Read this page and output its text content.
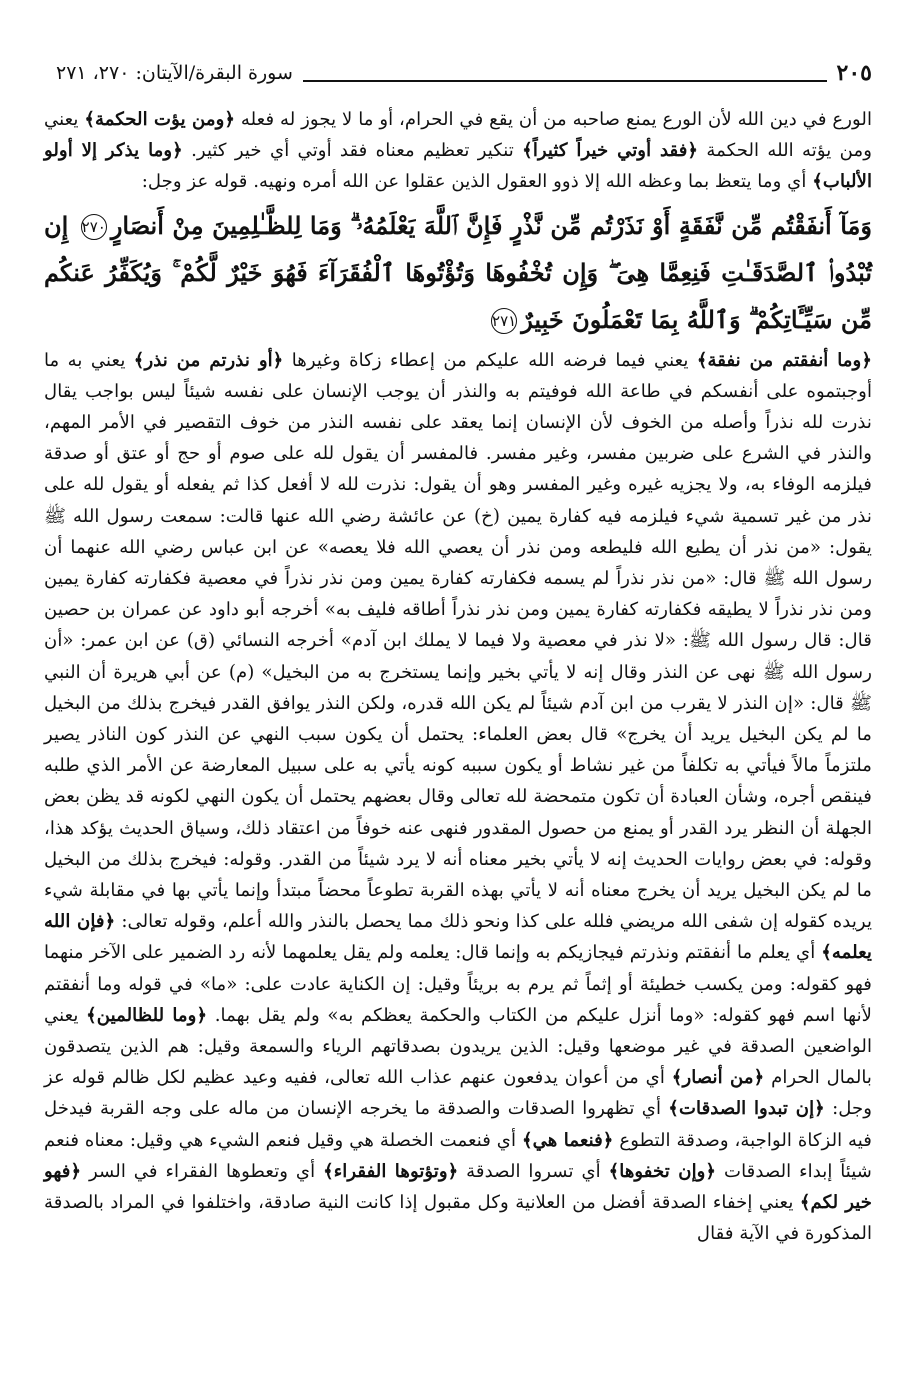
سورة البقرة/الآيتان: ٢٧٠، ٢٧١	٢٠٥

الورع في دين الله لأن الورع يمنع صاحبه من أن يقع في الحرام، أو ما لا يجوز له فعله ﴿ومن يؤت الحكمة﴾ يعني ومن يؤته الله الحكمة ﴿فقد أوتي خيراً كثيراً﴾ تنكير تعظيم معناه فقد أوتي أي خير كثير. ﴿وما يذكر إلا أولو الألباب﴾ أي وما يتعظ بما وعظه الله إلا ذوو العقول الذين عقلوا عن الله أمره ونهيه. قوله عز وجل:

وَمَآ أَنفَقْتُم مِّن نَّفَقَةٍ أَوْ نَذَرْتُم مِّن نَّذْرٍ فَإِنَّ ٱللَّهَ يَعْلَمُهُۥ ۗ وَمَا لِلظَّـٰلِمِينَ مِنْ أَنصَارٍ٢٧٠ إِن تُبْدُوا۟ ٱلصَّدَقَـٰتِ فَنِعِمَّا هِىَ ۖ وَإِن تُخْفُوهَا وَتُؤْتُوهَا ٱلْفُقَرَآءَ فَهُوَ خَيْرٌ لَّكُمْ ۚ وَيُكَفِّرُ عَنكُم مِّن سَيِّـَٔاتِكُمْ ۗ وَٱللَّهُ بِمَا تَعْمَلُونَ خَبِيرٌ٢٧١

﴿وما أنفقتم من نفقة﴾ يعني فيما فرضه الله عليكم من إعطاء زكاة وغيرها ﴿أو نذرتم من نذر﴾ يعني به ما أوجبتموه على أنفسكم في طاعة الله فوفيتم به والنذر أن يوجب الإنسان على نفسه شيئاً ليس بواجب يقال نذرت لله نذراً وأصله من الخوف لأن الإنسان إنما يعقد على نفسه النذر من خوف التقصير في الأمر المهم، والنذر في الشرع على ضربين مفسر، وغير مفسر. فالمفسر أن يقول لله على صوم أو حج أو عتق أو صدقة فيلزمه الوفاء به، ولا يجزيه غيره وغير المفسر وهو أن يقول: نذرت لله لا أفعل كذا ثم يفعله أو يقول لله على نذر من غير تسمية شيء فيلزمه فيه كفارة يمين (خ) عن عائشة رضي الله عنها قالت: سمعت رسول الله ﷺ يقول: «من نذر أن يطيع الله فليطعه ومن نذر أن يعصي الله فلا يعصه» عن ابن عباس رضي الله عنهما أن رسول الله ﷺ قال: «من نذر نذراً لم يسمه فكفارته كفارة يمين ومن نذر نذراً في معصية فكفارته كفارة يمين ومن نذر نذراً لا يطيقه فكفارته كفارة يمين ومن نذر نذراً أطاقه فليف به» أخرجه أبو داود عن عمران بن حصين قال: قال رسول الله ﷺ: «لا نذر في معصية ولا فيما لا يملك ابن آدم» أخرجه النسائي (ق) عن ابن عمر: «أن رسول الله ﷺ نهى عن النذر وقال إنه لا يأتي بخير وإنما يستخرج به من البخيل» (م) عن أبي هريرة أن النبي ﷺ قال: «إن النذر لا يقرب من ابن آدم شيئاً لم يكن الله قدره، ولكن النذر يوافق القدر فيخرج بذلك من البخيل ما لم يكن البخيل يريد أن يخرج» قال بعض العلماء: يحتمل أن يكون سبب النهي عن النذر كون الناذر يصير ملتزماً مالاً فيأتي به تكلفاً من غير نشاط أو يكون سببه كونه يأتي به على سبيل المعارضة عن الأمر الذي طلبه فينقص أجره، وشأن العبادة أن تكون متمحضة لله تعالى وقال بعضهم يحتمل أن يكون النهي لكونه قد يظن بعض الجهلة أن النظر يرد القدر أو يمنع من حصول المقدور فنهى عنه خوفاً من اعتقاد ذلك، وسياق الحديث يؤكد هذا، وقوله: في بعض روايات الحديث إنه لا يأتي بخير معناه أنه لا يرد شيئاً من القدر. وقوله: فيخرج بذلك من البخيل ما لم يكن البخيل يريد أن يخرج معناه أنه لا يأتي بهذه القربة تطوعاً محضاً مبتدأ وإنما يأتي بها في مقابلة شيء يريده كقوله إن شفى الله مريضي فلله على كذا ونحو ذلك مما يحصل بالنذر والله أعلم، وقوله تعالى: ﴿فإن الله يعلمه﴾ أي يعلم ما أنفقتم ونذرتم فيجازيكم به وإنما قال: يعلمه ولم يقل يعلمهما لأنه رد الضمير على الآخر منهما فهو كقوله: ومن يكسب خطيئة أو إثماً ثم يرم به بريئاً وقيل: إن الكناية عادت على: «ما» في قوله وما أنفقتم لأنها اسم فهو كقوله: «وما أنزل عليكم من الكتاب والحكمة يعظكم به» ولم يقل بهما. ﴿وما للظالمين﴾ يعني الواضعين الصدقة في غير موضعها وقيل: الذين يريدون بصدقاتهم الرياء والسمعة وقيل: هم الذين يتصدقون بالمال الحرام ﴿من أنصار﴾ أي من أعوان يدفعون عنهم عذاب الله تعالى، ففيه وعيد عظيم لكل ظالم قوله عز وجل: ﴿إن تبدوا الصدقات﴾ أي تظهروا الصدقات والصدقة ما يخرجه الإنسان من ماله على وجه القربة فيدخل فيه الزكاة الواجبة، وصدقة التطوع ﴿فنعما هي﴾ أي فنعمت الخصلة هي وقيل فنعم الشيء هي وقيل: معناه فنعم شيئاً إبداء الصدقات ﴿وإن تخفوها﴾ أي تسروا الصدقة ﴿وتؤتوها الفقراء﴾ أي وتعطوها الفقراء في السر ﴿فهو خير لكم﴾ يعني إخفاء الصدقة أفضل من العلانية وكل مقبول إذا كانت النية صادقة، واختلفوا في المراد بالصدقة المذكورة في الآية فقال
